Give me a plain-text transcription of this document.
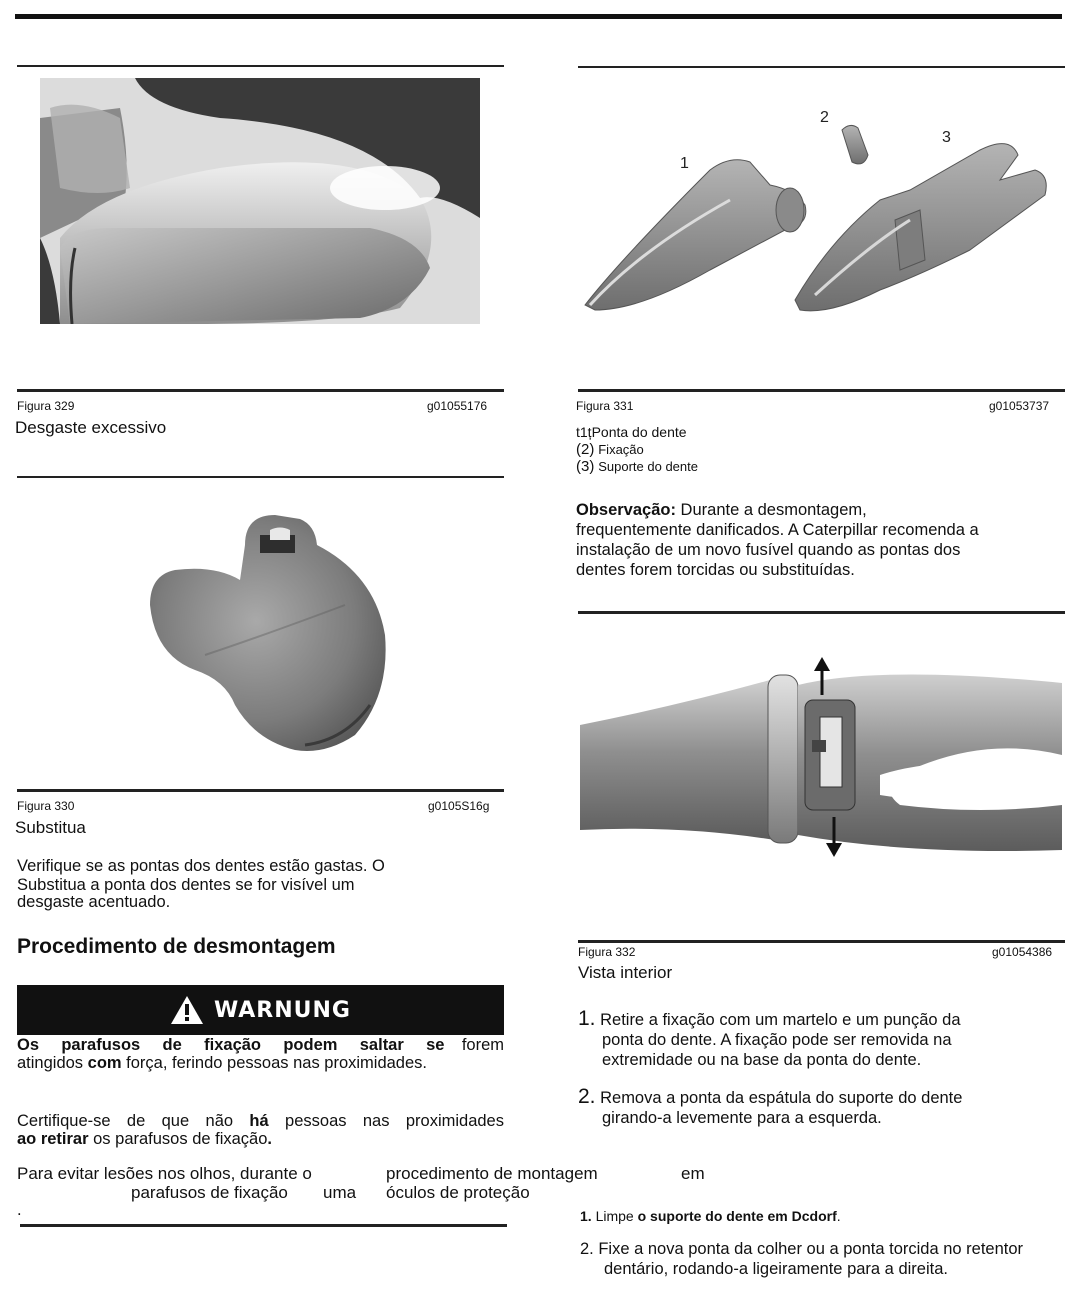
Figura 329	g01055176
Desgaste excessivo
Figura 330	g0105S16g
Substitua
Verifique se as pontas dos dentes estão gastas. O
Substitua a ponta dos dentes se for visível um
desgaste acentuado.
Procedimento de desmontagem
WARNUNG
Os parafusos de fixação podem saltar se forem
atingidos com força, ferindo pessoas nas proximidades.
Certifique-se de que não há pessoas nas proximidades
ao retirar os parafusos de fixação.
Para evitar lesões nos olhos, durante o	procedimento de montagem	em
parafusos de fixação uma óculos de proteção
.
1
2
3
Figura 331	g01053737
t1țPonta do dente
(2) Fixação
(3) Suporte do dente
Observação: Durante a desmontagem,
frequentemente danificados. A Caterpillar recomenda a
instalação de um novo fusível quando as pontas dos
dentes forem torcidas ou substituídas.
Figura 332	g01054386
Vista interior
1. Retire a fixação com um martelo e um punção da
ponta do dente. A fixação pode ser removida na
extremidade ou na base da ponta do dente.
2. Remova a ponta da espátula do suporte do dente
girando-a levemente para a esquerda.
1. Limpe o suporte do dente em Dcdorf.
2. Fixe a nova ponta da colher ou a ponta torcida no retentor
dentário, rodando-a ligeiramente para a direita.
